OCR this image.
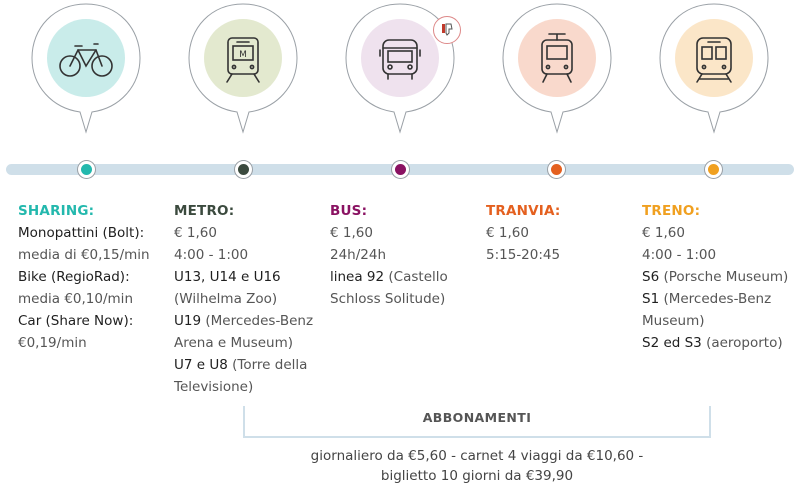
M
SHARING:
Monopattini (Bolt):
media di €0,15/min
Bike (RegioRad):
media €0,10/min
Car (Share Now):
€0,19/min
METRO:
€ 1,60
4:00 - 1:00
U13, U14 e U16
(Wilhelma Zoo)
U19 (Mercedes-Benz
Arena e Museum)
U7 e U8 (Torre della
Televisione)
BUS:
€ 1,60
24h/24h
linea 92 (Castello
Schloss Solitude)
TRANVIA:
€ 1,60
5:15-20:45
TRENO:
€ 1,60
4:00 - 1:00
S6 (Porsche Museum)
S1 (Mercedes-Benz
Museum)
S2 ed S3 (aeroporto)
ABBONAMENTI
giornaliero da €5,60 - carnet 4 viaggi da €10,60 -
biglietto 10 giorni da €39,90
